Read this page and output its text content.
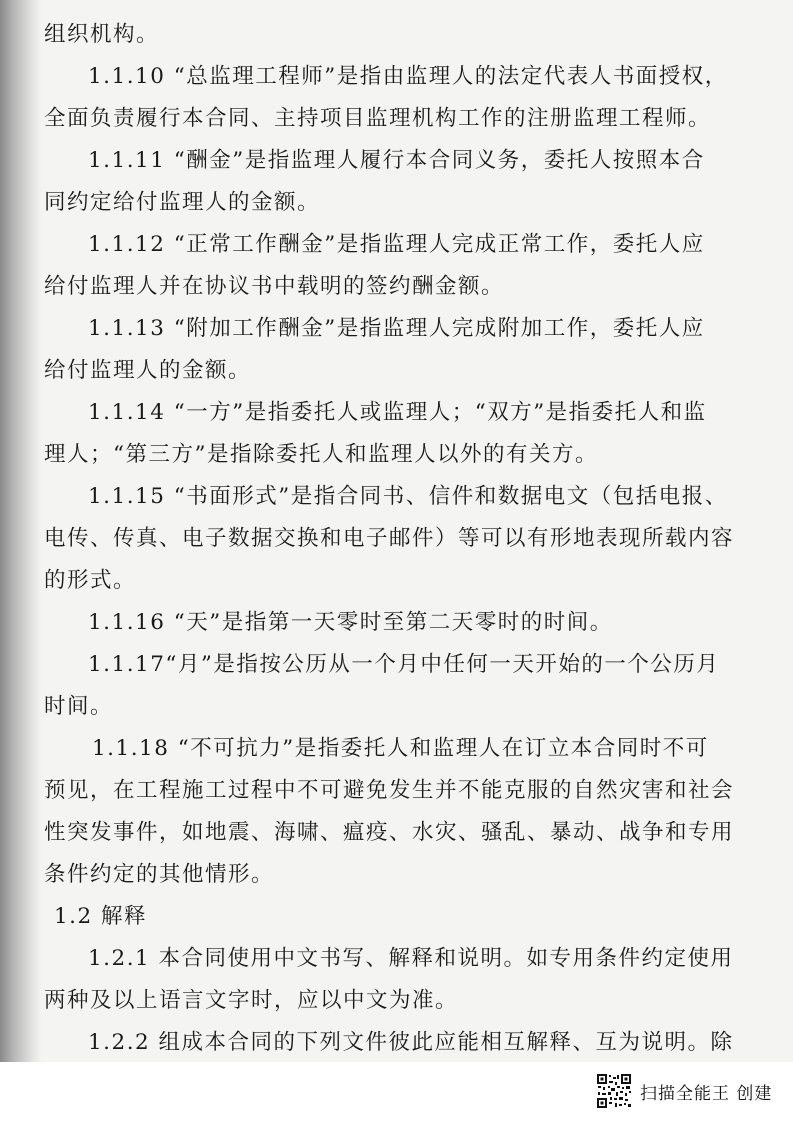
组织机构。

1.1.10 “总监理工程师”是指由监理人的法定代表人书面授权，

全面负责履行本合同、主持项目监理机构工作的注册监理工程师。

1.1.11 “酬金”是指监理人履行本合同义务，委托人按照本合

同约定给付监理人的金额。

1.1.12 “正常工作酬金”是指监理人完成正常工作，委托人应

给付监理人并在协议书中载明的签约酬金额。

1.1.13 “附加工作酬金”是指监理人完成附加工作，委托人应

给付监理人的金额。

1.1.14 “一方”是指委托人或监理人；“双方”是指委托人和监

理人；“第三方”是指除委托人和监理人以外的有关方。

1.1.15 “书面形式”是指合同书、信件和数据电文（包括电报、

电传、传真、电子数据交换和电子邮件）等可以有形地表现所载内容

的形式。

1.1.16 “天”是指第一天零时至第二天零时的时间。

1.1.17“月”是指按公历从一个月中任何一天开始的一个公历月

时间。

1.1.18 “不可抗力”是指委托人和监理人在订立本合同时不可

预见，在工程施工过程中不可避免发生并不能克服的自然灾害和社会

性突发事件，如地震、海啸、瘟疫、水灾、骚乱、暴动、战争和专用

条件约定的其他情形。

1.2 解释

1.2.1 本合同使用中文书写、解释和说明。如专用条件约定使用

两种及以上语言文字时，应以中文为准。

1.2.2 组成本合同的下列文件彼此应能相互解释、互为说明。除

扫描全能王 创建
